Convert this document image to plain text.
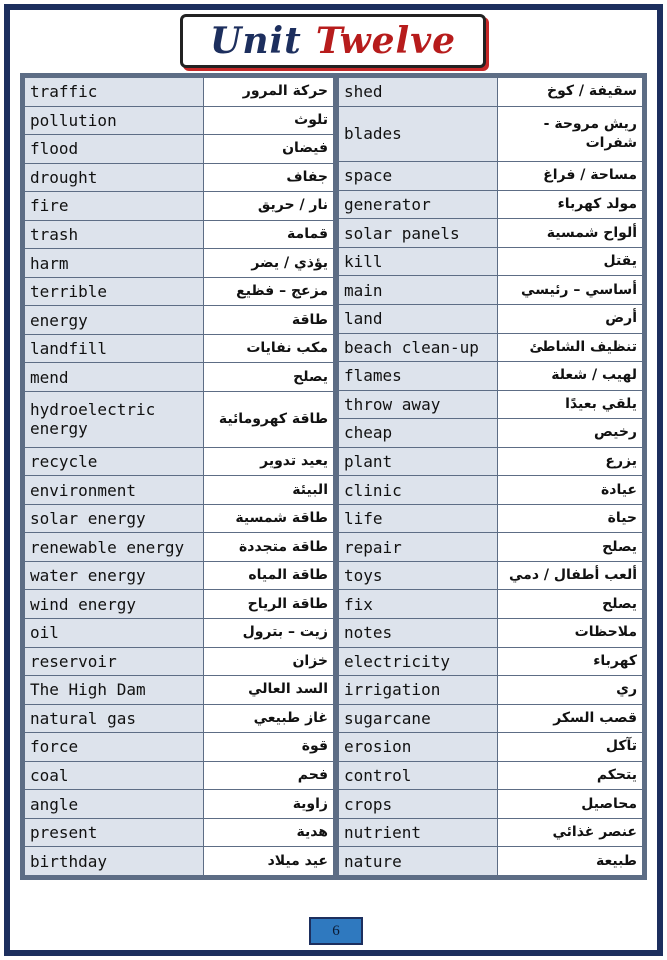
Unit Twelve
traffic	حركة المرور
pollution	تلوث
flood	فيضان
drought	جفاف
fire	نار / حريق
trash	قمامة
harm	يؤذي / يضر
terrible	مزعج – فظيع
energy	طاقة
landfill	مكب نفايات
mend	يصلح
hydroelectric energy	طاقة كهرومائية
recycle	يعيد تدوير
environment	البيئة
solar energy	طاقة شمسية
renewable energy	طاقة متجددة
water energy	طاقة المياه
wind energy	طاقة الرياح
oil	زيت – بترول
reservoir	خزان
The High Dam	السد العالي
natural gas	غاز طبيعي
force	قوة
coal	فحم
angle	زاوية
present	هدية
birthday	عيد ميلاد
shed	سقيفة / كوخ
blades	ريش مروحة - شفرات
space	مساحة / فراغ
generator	مولد كهرباء
solar panels	ألواح شمسية
kill	يقتل
main	أساسي – رئيسي
land	أرض
beach clean-up	تنظيف الشاطئ
flames	لهيب / شعلة
throw away	يلقي بعيدًا
cheap	رخيص
plant	يزرع
clinic	عيادة
life	حياة
repair	يصلح
toys	ألعب أطفال / دمي
fix	يصلح
notes	ملاحظات
electricity	كهرباء
irrigation	ري
sugarcane	قصب السكر
erosion	تآكل
control	يتحكم
crops	محاصيل
nutrient	عنصر غذائي
nature	طبيعة
6
